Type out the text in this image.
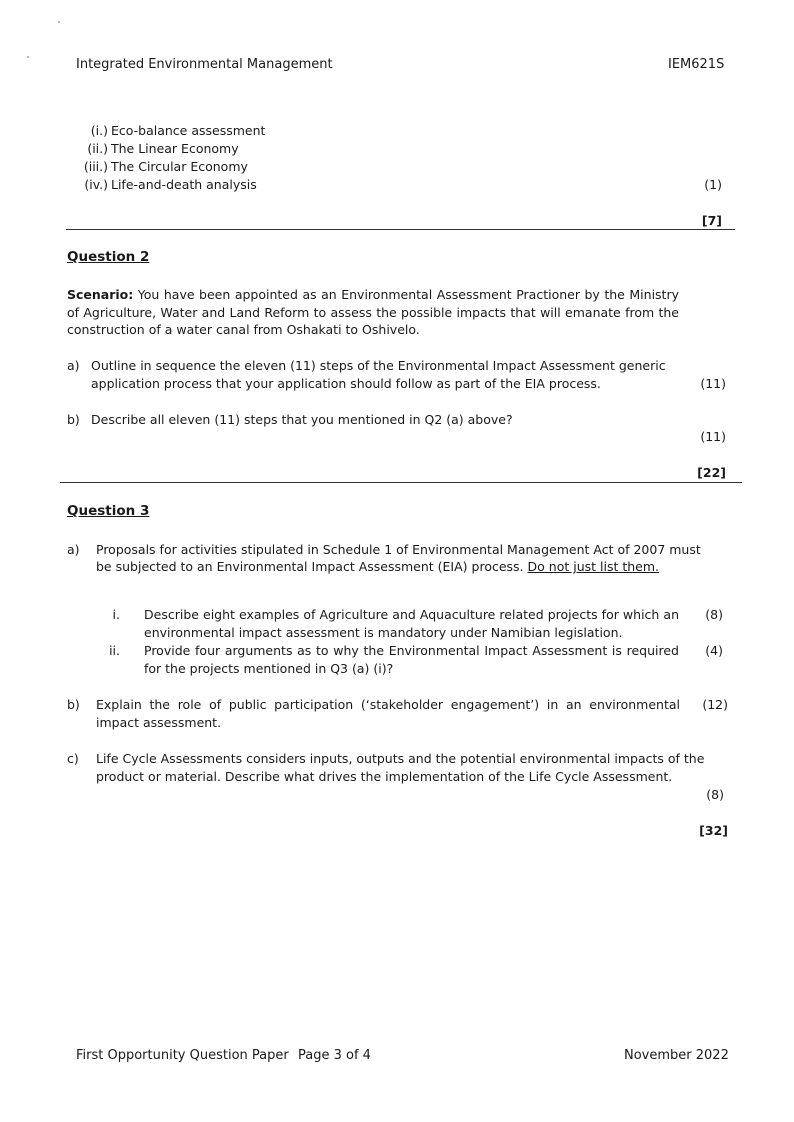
Integrated Environmental Management	IEM621S
(i.) Eco-balance assessment
(ii.) The Linear Economy
(iii.) The Circular Economy
(iv.) Life-and-death analysis	(1)
[7]
Question 2
Scenario: You have been appointed as an Environmental Assessment Practioner by the Ministry of Agriculture, Water and Land Reform to assess the possible impacts that will emanate from the construction of a water canal from Oshakati to Oshivelo.
a) Outline in sequence the eleven (11) steps of the Environmental Impact Assessment generic
application process that your application should follow as part of the EIA process.	(11)
b) Describe all eleven (11) steps that you mentioned in Q2 (a) above?
(11)
[22]
Question 3
a) Proposals for activities stipulated in Schedule 1 of Environmental Management Act of 2007 must
be subjected to an Environmental Impact Assessment (EIA) process. Do not just list them.
i. Describe eight examples of Agriculture and Aquaculture related projects for which an environmental impact assessment is mandatory under Namibian legislation.
(8)
ii. Provide four arguments as to why the Environmental Impact Assessment is required for the projects mentioned in Q3 (a) (i)?
(4)
b) Explain the role of public participation (‘stakeholder engagement’) in an environmental impact assessment.
(12)
c) Life Cycle Assessments considers inputs, outputs and the potential environmental impacts of the
product or material. Describe what drives the implementation of the Life Cycle Assessment.
(8)
[32]
First Opportunity Question Paper Page 3 of 4	November 2022
